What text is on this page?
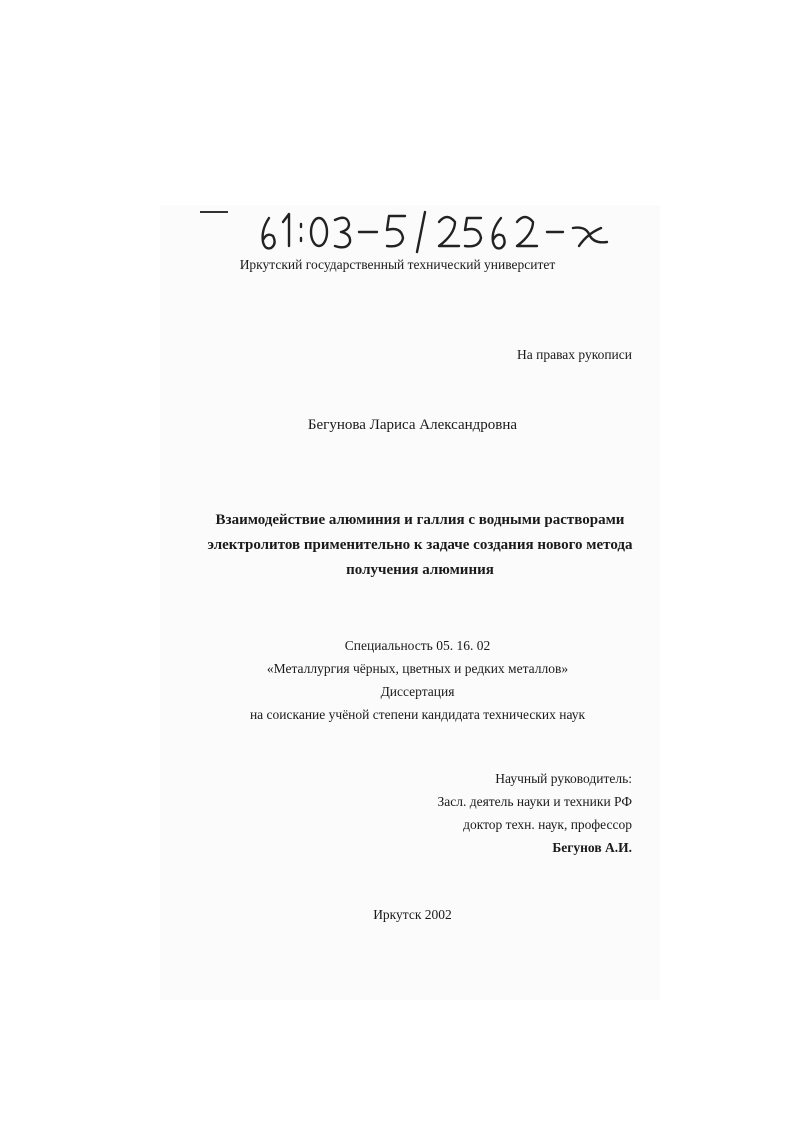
Иркутский государственный технический университет
На правах рукописи
Бегунова Лариса Александровна
Взаимодействие алюминия и галлия с водными растворами
электролитов применительно к задаче создания нового метода
получения алюминия
Специальность 05. 16. 02
«Металлургия чёрных, цветных и редких металлов»
Диссертация
на соискание учёной степени кандидата технических наук
Научный руководитель:
Засл. деятель науки и техники РФ
доктор техн. наук, профессор
Бегунов А.И.
Иркутск 2002
